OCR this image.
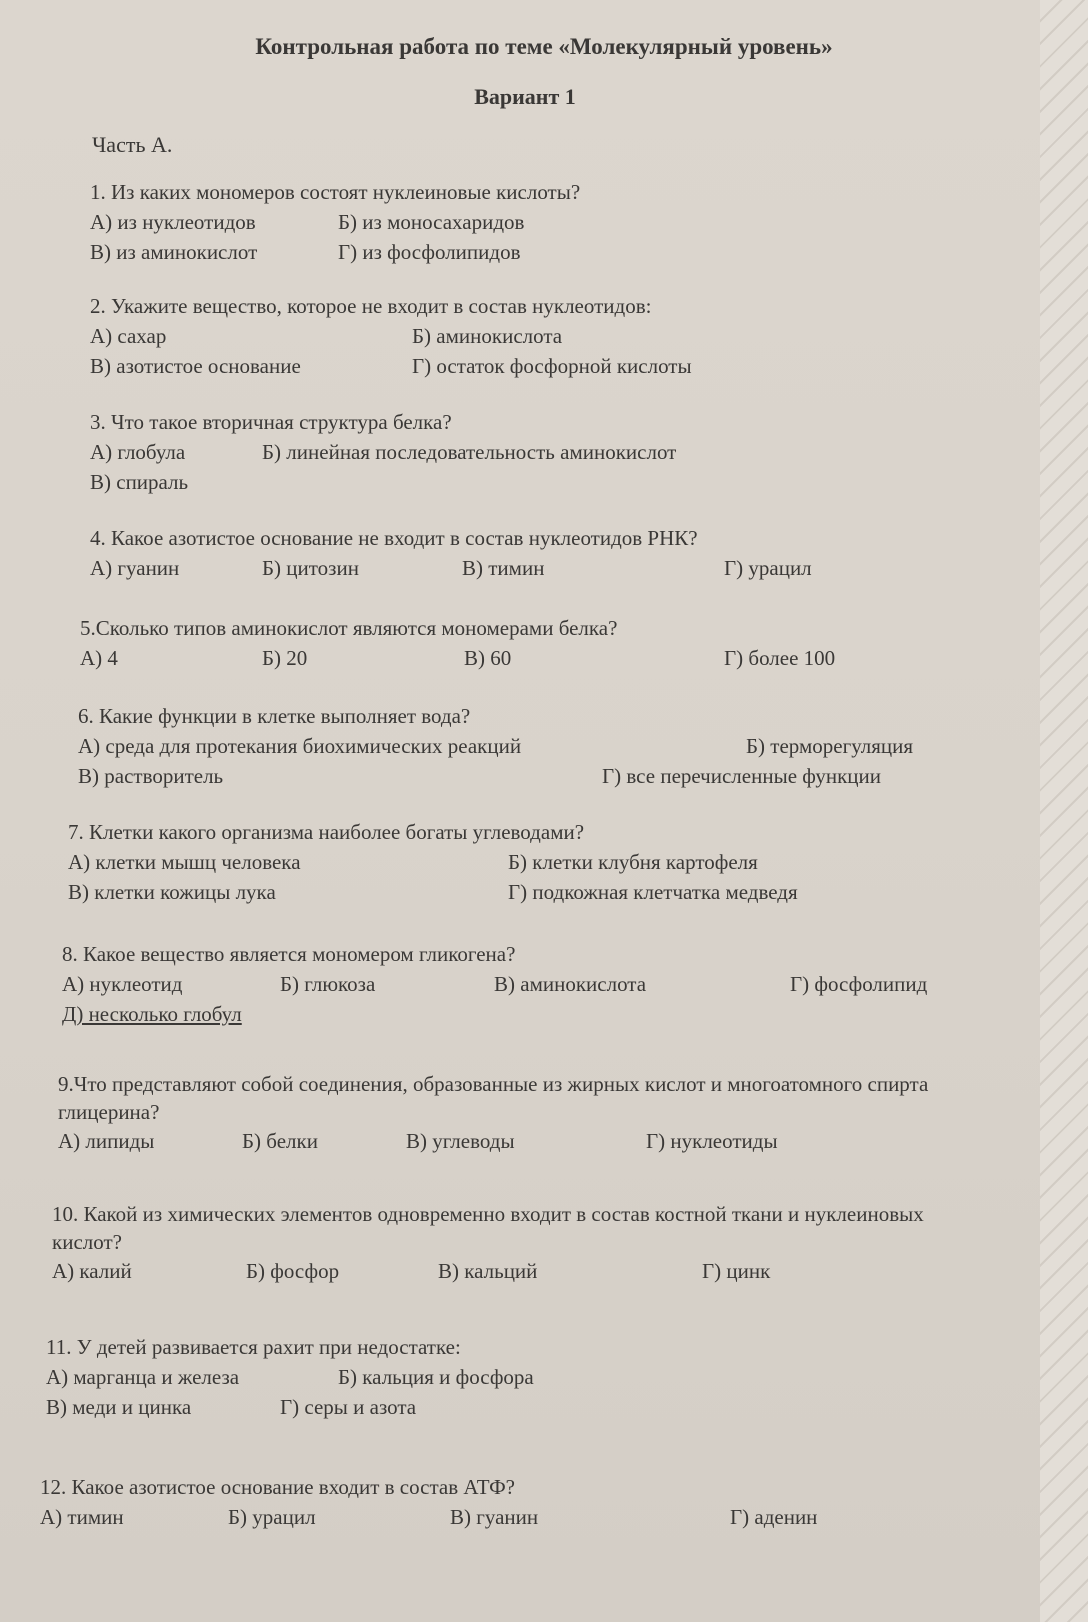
Контрольная работа по теме «Молекулярный уровень»
Вариант 1
Часть А.
1. Из каких мономеров состоят нуклеиновые кислоты?
А) из нуклеотидов	Б) из моносахаридов
В) из аминокислот	Г) из фосфолипидов
2. Укажите вещество, которое не входит в состав нуклеотидов:
А) сахар	Б) аминокислота
В) азотистое основание	Г) остаток фосфорной кислоты
3. Что такое вторичная структура белка?
А) глобула	Б) линейная последовательность аминокислот
В) спираль
4. Какое азотистое основание не входит в состав нуклеотидов РНК?
А) гуанин	Б) цитозин	В) тимин	Г) урацил
5.Сколько типов аминокислот являются мономерами белка?
А) 4	Б) 20	В) 60	Г) более 100
6. Какие функции в клетке выполняет вода?
А) среда для протекания биохимических реакций	Б) терморегуляция
В) растворитель	Г) все перечисленные функции
7. Клетки какого организма наиболее богаты углеводами?
А) клетки мышц человека	Б) клетки клубня картофеля
В) клетки кожицы лука	Г) подкожная клетчатка медведя
8. Какое вещество является мономером гликогена?
А) нуклеотид	Б) глюкоза	В) аминокислота	Г) фосфолипид
Д) несколько глобул
9.Что представляют собой соединения, образованные из жирных кислот и многоатомного спирта глицерина?
А) липиды	Б) белки	В) углеводы	Г) нуклеотиды
10. Какой из химических элементов одновременно входит в состав костной ткани и нуклеиновых кислот?
А) калий	Б) фосфор	В) кальций	Г) цинк
11. У детей развивается рахит при недостатке:
А) марганца и железа	Б) кальция и фосфора
В) меди и цинка	Г) серы и азота
12. Какое азотистое основание входит в состав АТФ?
А) тимин	Б) урацил	В) гуанин	Г) аденин
